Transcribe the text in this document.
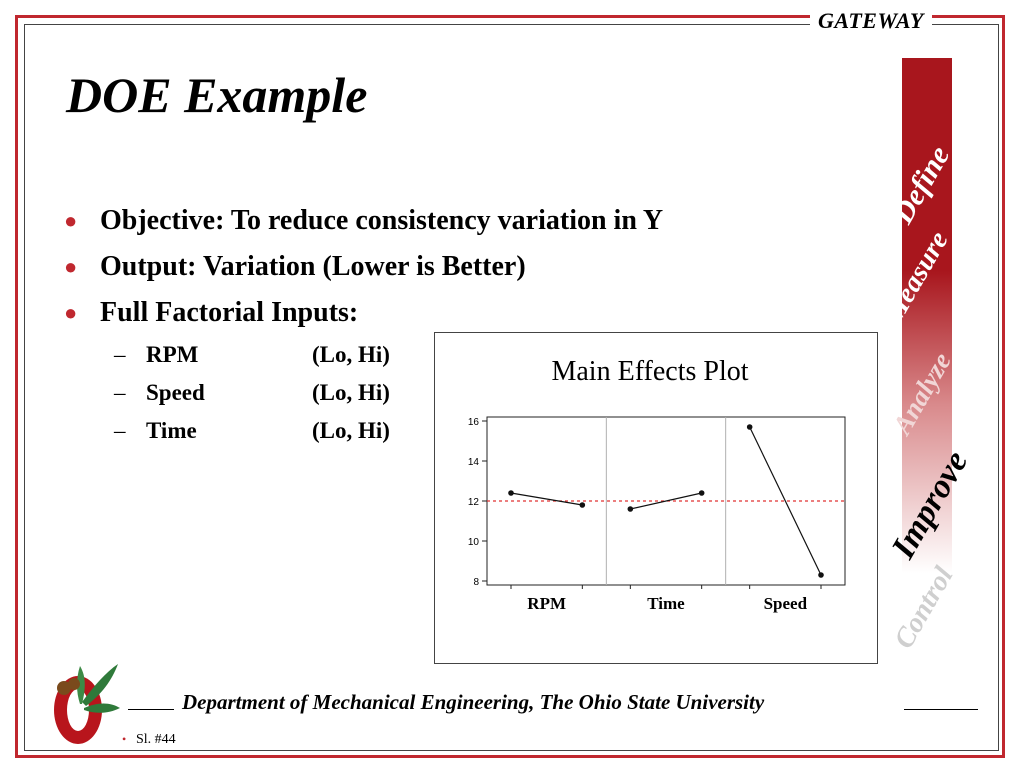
GATEWAY
DOE Example
● Objective: To reduce consistency variation in Y
● Output: Variation (Lower is Better)
● Full Factorial Inputs:
– RPM	(Lo, Hi)
– Speed	(Lo, Hi)
– Time	(Lo, Hi)
Define
Measure
Analyze
Improve
Control
Main Effects Plot
8
10
12
14
16
RPM	Time	Speed
Department of Mechanical Engineering, The Ohio State University
• Sl. #44
